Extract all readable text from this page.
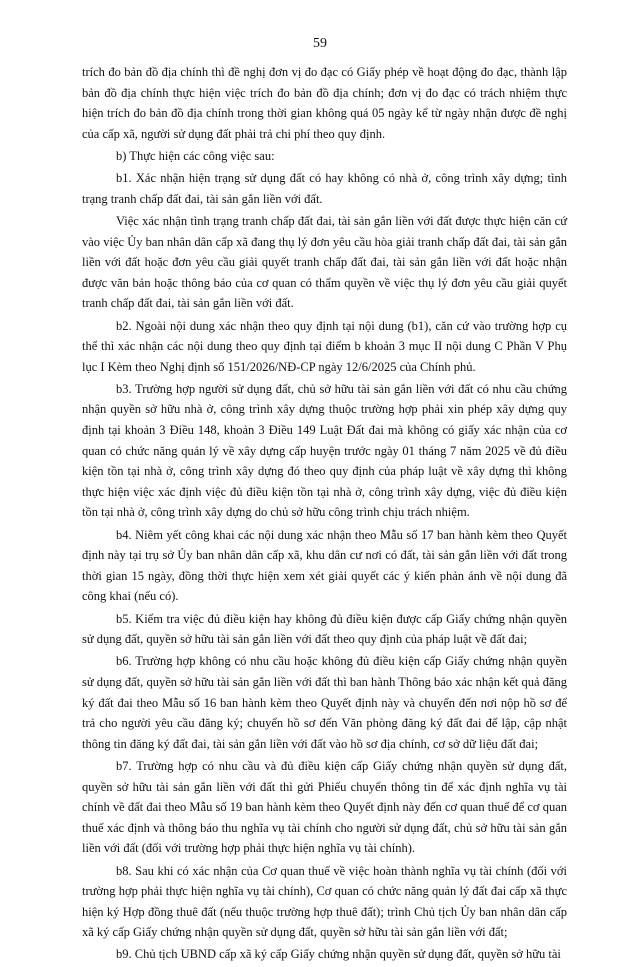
59

trích đo bản đồ địa chính thì đề nghị đơn vị đo đạc có Giấy phép về hoạt động đo đạc, thành lập bản đồ địa chính thực hiện việc trích đo bản đồ địa chính; đơn vị đo đạc có trách nhiệm thực hiện trích đo bản đồ địa chính trong thời gian không quá 05 ngày kể từ ngày nhận được đề nghị của cấp xã, người sử dụng đất phải trả chi phí theo quy định.

b) Thực hiện các công việc sau:

b1. Xác nhận hiện trạng sử dụng đất có hay không có nhà ở, công trình xây dựng; tình trạng tranh chấp đất đai, tài sản gắn liền với đất.

Việc xác nhận tình trạng tranh chấp đất đai, tài sản gắn liền với đất được thực hiện căn cứ vào việc Ủy ban nhân dân cấp xã đang thụ lý đơn yêu cầu hòa giải tranh chấp đất đai, tài sản gắn liền với đất hoặc đơn yêu cầu giải quyết tranh chấp đất đai, tài sản gắn liền với đất hoặc nhận được văn bản hoặc thông báo của cơ quan có thẩm quyền về việc thụ lý đơn yêu cầu giải quyết tranh chấp đất đai, tài sản gắn liền với đất.

b2. Ngoài nội dung xác nhận theo quy định tại nội dung (b1), căn cứ vào trường hợp cụ thể thì xác nhận các nội dung theo quy định tại điểm b khoản 3 mục II nội dung C Phần V Phụ lục I Kèm theo Nghị định số 151/2026/NĐ-CP ngày 12/6/2025 của Chính phủ.

b3. Trường hợp người sử dụng đất, chủ sở hữu tài sản gắn liền với đất có nhu cầu chứng nhận quyền sở hữu nhà ở, công trình xây dựng thuộc trường hợp phải xin phép xây dựng quy định tại khoản 3 Điều 148, khoản 3 Điều 149 Luật Đất đai mà không có giấy xác nhận của cơ quan có chức năng quản lý về xây dựng cấp huyện trước ngày 01 tháng 7 năm 2025 về đủ điều kiện tồn tại nhà ở, công trình xây dựng đó theo quy định của pháp luật về xây dựng thì không thực hiện việc xác định việc đủ điều kiện tồn tại nhà ở, công trình xây dựng, việc đủ điều kiện tồn tại nhà ở, công trình xây dựng do chủ sở hữu công trình chịu trách nhiệm.

b4. Niêm yết công khai các nội dung xác nhận theo Mẫu số 17 ban hành kèm theo Quyết định này tại trụ sở Ủy ban nhân dân cấp xã, khu dân cư nơi có đất, tài sản gắn liền với đất trong thời gian 15 ngày, đồng thời thực hiện xem xét giải quyết các ý kiến phản ánh về nội dung đã công khai (nếu có).

b5. Kiểm tra việc đủ điều kiện hay không đủ điều kiện được cấp Giấy chứng nhận quyền sử dụng đất, quyền sở hữu tài sản gắn liền với đất theo quy định của pháp luật về đất đai;

b6. Trường hợp không có nhu cầu hoặc không đủ điều kiện cấp Giấy chứng nhận quyền sử dụng đất, quyền sở hữu tài sản gắn liền với đất thì ban hành Thông báo xác nhận kết quả đăng ký đất đai theo Mẫu số 16 ban hành kèm theo Quyết định này và chuyển đến nơi nộp hồ sơ để trả cho người yêu cầu đăng ký; chuyển hồ sơ đến Văn phòng đăng ký đất đai để lập, cập nhật thông tin đăng ký đất đai, tài sản gắn liền với đất vào hồ sơ địa chính, cơ sở dữ liệu đất đai;

b7. Trường hợp có nhu cầu và đủ điều kiện cấp Giấy chứng nhận quyền sử dụng đất, quyền sở hữu tài sản gắn liền với đất thì gửi Phiếu chuyển thông tin để xác định nghĩa vụ tài chính về đất đai theo Mẫu số 19 ban hành kèm theo Quyết định này đến cơ quan thuế để cơ quan thuế xác định và thông báo thu nghĩa vụ tài chính cho người sử dụng đất, chủ sở hữu tài sản gắn liền với đất (đối với trường hợp phải thực hiện nghĩa vụ tài chính).

b8. Sau khi có xác nhận của Cơ quan thuế về việc hoàn thành nghĩa vụ tài chính (đối với trường hợp phải thực hiện nghĩa vụ tài chính), Cơ quan có chức năng quản lý đất đai cấp xã thực hiện ký Hợp đồng thuê đất (nếu thuộc trường hợp thuê đất); trình Chủ tịch Ủy ban nhân dân cấp xã ký cấp Giấy chứng nhận quyền sử dụng đất, quyền sở hữu tài sản gắn liền với đất;

b9. Chủ tịch UBND cấp xã ký cấp Giấy chứng nhận quyền sử dụng đất, quyền sở hữu tài
